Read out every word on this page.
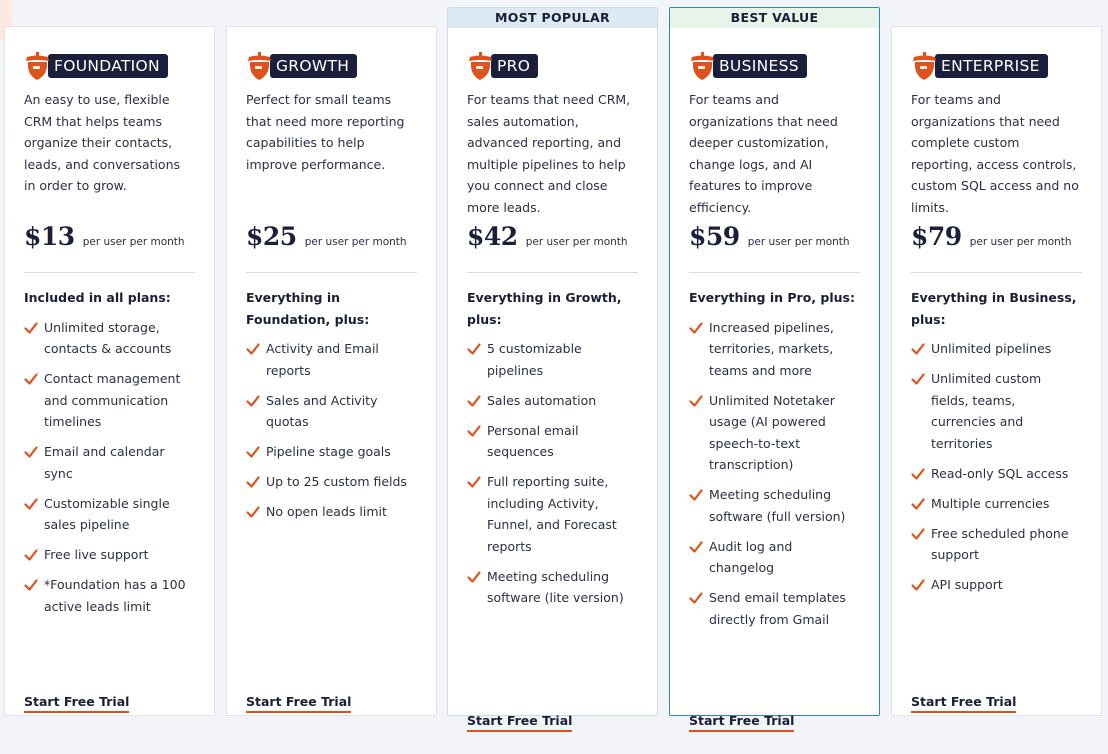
FOUNDATION

An easy to use, flexible CRM that helps teams organize their contacts, leads, and conversations in order to grow.

$13 per user per month

Included in all plans:

Unlimited storage, contacts & accounts
Contact management and communication timelines
Email and calendar sync
Customizable single sales pipeline
Free live support
*Foundation has a 100 active leads limit
Start Free Trial
GROWTH

Perfect for small teams that need more reporting capabilities to help improve performance.

$25 per user per month

Everything in Foundation, plus:

Activity and Email reports
Sales and Activity quotas
Pipeline stage goals
Up to 25 custom fields
No open leads limit
Start Free Trial
MOST POPULAR
PRO

For teams that need CRM, sales automation, advanced reporting, and multiple pipelines to help you connect and close more leads.

$42 per user per month

Everything in Growth, plus:

5 customizable pipelines
Sales automation
Personal email sequences
Full reporting suite, including Activity, Funnel, and Forecast reports
Meeting scheduling software (lite version)
Start Free Trial
BEST VALUE
BUSINESS

For teams and organizations that need deeper customization, change logs, and AI features to improve efficiency.

$59 per user per month

Everything in Pro, plus:

Increased pipelines, territories, markets, teams and more
Unlimited Notetaker usage (AI powered speech-to-text transcription)
Meeting scheduling software (full version)
Audit log and changelog
Send email templates directly from Gmail
Start Free Trial
ENTERPRISE

For teams and organizations that need complete custom reporting, access controls, custom SQL access and no limits.

$79 per user per month

Everything in Business, plus:

Unlimited pipelines
Unlimited custom fields, teams, currencies and territories
Read-only SQL access
Multiple currencies
Free scheduled phone support
API support
Start Free Trial
